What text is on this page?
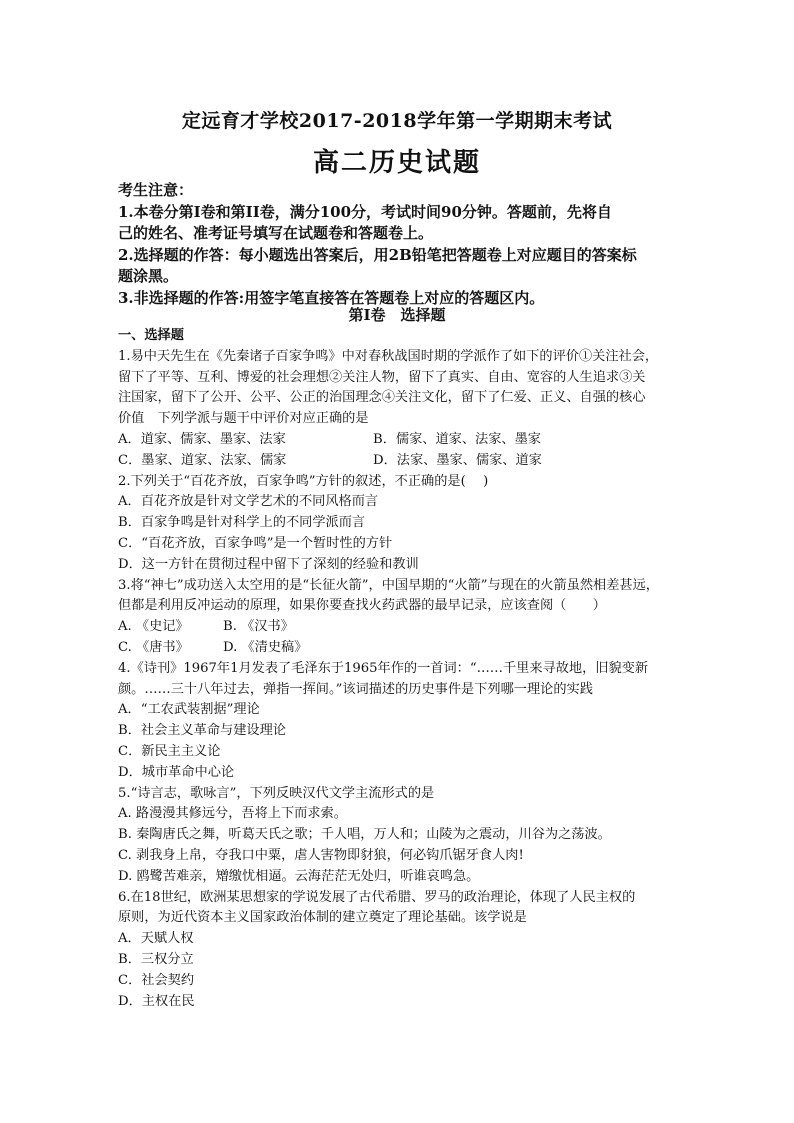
定远育才学校2017-2018学年第一学期期末考试
高二历史试题
考生注意：
1.本卷分第I卷和第II卷，满分100分，考试时间90分钟。答题前，先将自
己的姓名、准考证号填写在试题卷和答题卷上。
2.选择题的作答：每小题选出答案后，用2B铅笔把答题卷上对应题目的答案标
题涂黑。
3.非选择题的作答:用签字笔直接答在答题卷上对应的答题区内。
第I卷　选择题
一、选择题
1.易中天先生在《先秦诸子百家争鸣》中对春秋战国时期的学派作了如下的评价①关注社会，
留下了平等、互利、博爱的社会理想②关注人物，留下了真实、自由、宽容的人生追求③关
注国家，留下了公开、公平、公正的治国理念④关注文化，留下了仁爱、正义、自强的核心
价值　下列学派与题干中评价对应正确的是
A．道家、儒家、墨家、法家	B．儒家、道家、法家、墨家
C．墨家、道家、法家、儒家	D．法家、墨家、儒家、道家
2.下列关于“百花齐放，百家争鸣”方针的叙述，不正确的是(　 )
A．百花齐放是针对文学艺术的不同风格而言
B．百家争鸣是针对科学上的不同学派而言
C．“百花齐放，百家争鸣”是一个暂时性的方针
D．这一方针在贯彻过程中留下了深刻的经验和教训
3.将“神七”成功送入太空用的是“长征火箭”，中国早期的“火箭”与现在的火箭虽然相差甚远，
但都是利用反冲运动的原理，如果你要查找火药武器的最早记录，应该查阅（　　）
A. 《史记》	B. 《汉书》
C. 《唐书》	D. 《清史稿》
4.《诗刊》1967年1月发表了毛泽东于1965年作的一首词：“……千里来寻故地，旧貌变新
颜。……三十八年过去，弹指一挥间。”该词描述的历史事件是下列哪一理论的实践
A．“工农武装割据”理论
B．社会主义革命与建设理论
C．新民主主义论
D．城市革命中心论
5.“诗言志，歌咏言”，下列反映汉代文学主流形式的是
A. 路漫漫其修远兮，吾将上下而求索。
B. 秦陶唐氏之舞，听葛天氏之歌；千人唱，万人和；山陵为之震动，川谷为之荡波。
C. 剥我身上帛，夺我口中粟，虐人害物即豺狼，何必钩爪锯牙食人肉!
D. 鸥鹭苦难亲，矰缴忧相逼。云海茫茫无处归，听谁哀鸣急。
6.在18世纪，欧洲某思想家的学说发展了古代希腊、罗马的政治理论，体现了人民主权的
原则，为近代资本主义国家政治体制的建立奠定了理论基础。该学说是
A．天赋人权
B．三权分立
C．社会契约
D．主权在民
